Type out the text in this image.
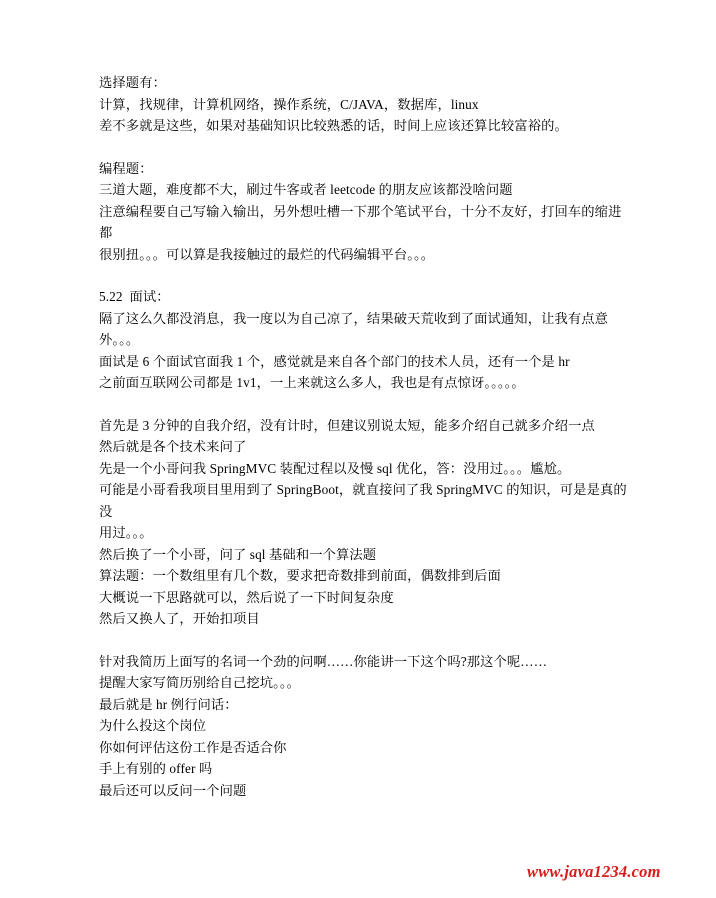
选择题有：
计算，找规律，计算机网络，操作系统，C/JAVA，数据库，linux
差不多就是这些，如果对基础知识比较熟悉的话，时间上应该还算比较富裕的。
编程题：
三道大题，难度都不大，刷过牛客或者 leetcode 的朋友应该都没啥问题
注意编程要自己写输入输出，另外想吐槽一下那个笔试平台，十分不友好，打回车的缩进都
很别扭。。。可以算是我接触过的最烂的代码编辑平台。。。
5.22  面试：
隔了这么久都没消息，我一度以为自己凉了，结果破天荒收到了面试通知，让我有点意外。。。
面试是 6 个面试官面我 1 个，感觉就是来自各个部门的技术人员，还有一个是 hr
之前面互联网公司都是 1v1，一上来就这么多人，我也是有点惊讶。。。。。
首先是 3 分钟的自我介绍，没有计时，但建议别说太短，能多介绍自己就多介绍一点
然后就是各个技术来问了
先是一个小哥问我 SpringMVC 装配过程以及慢 sql 优化，答：没用过。。。尴尬。
可能是小哥看我项目里用到了 SpringBoot，就直接问了我 SpringMVC 的知识，可是是真的没
用过。。。
然后换了一个小哥，问了 sql 基础和一个算法题
算法题：一个数组里有几个数，要求把奇数排到前面，偶数排到后面
大概说一下思路就可以，然后说了一下时间复杂度
然后又换人了，开始扣项目
针对我简历上面写的名词一个劲的问啊……你能讲一下这个吗?那这个呢……
提醒大家写简历别给自己挖坑。。。
最后就是 hr 例行问话：
为什么投这个岗位
你如何评估这份工作是否适合你
手上有别的 offer 吗
最后还可以反问一个问题
www.java1234.com
